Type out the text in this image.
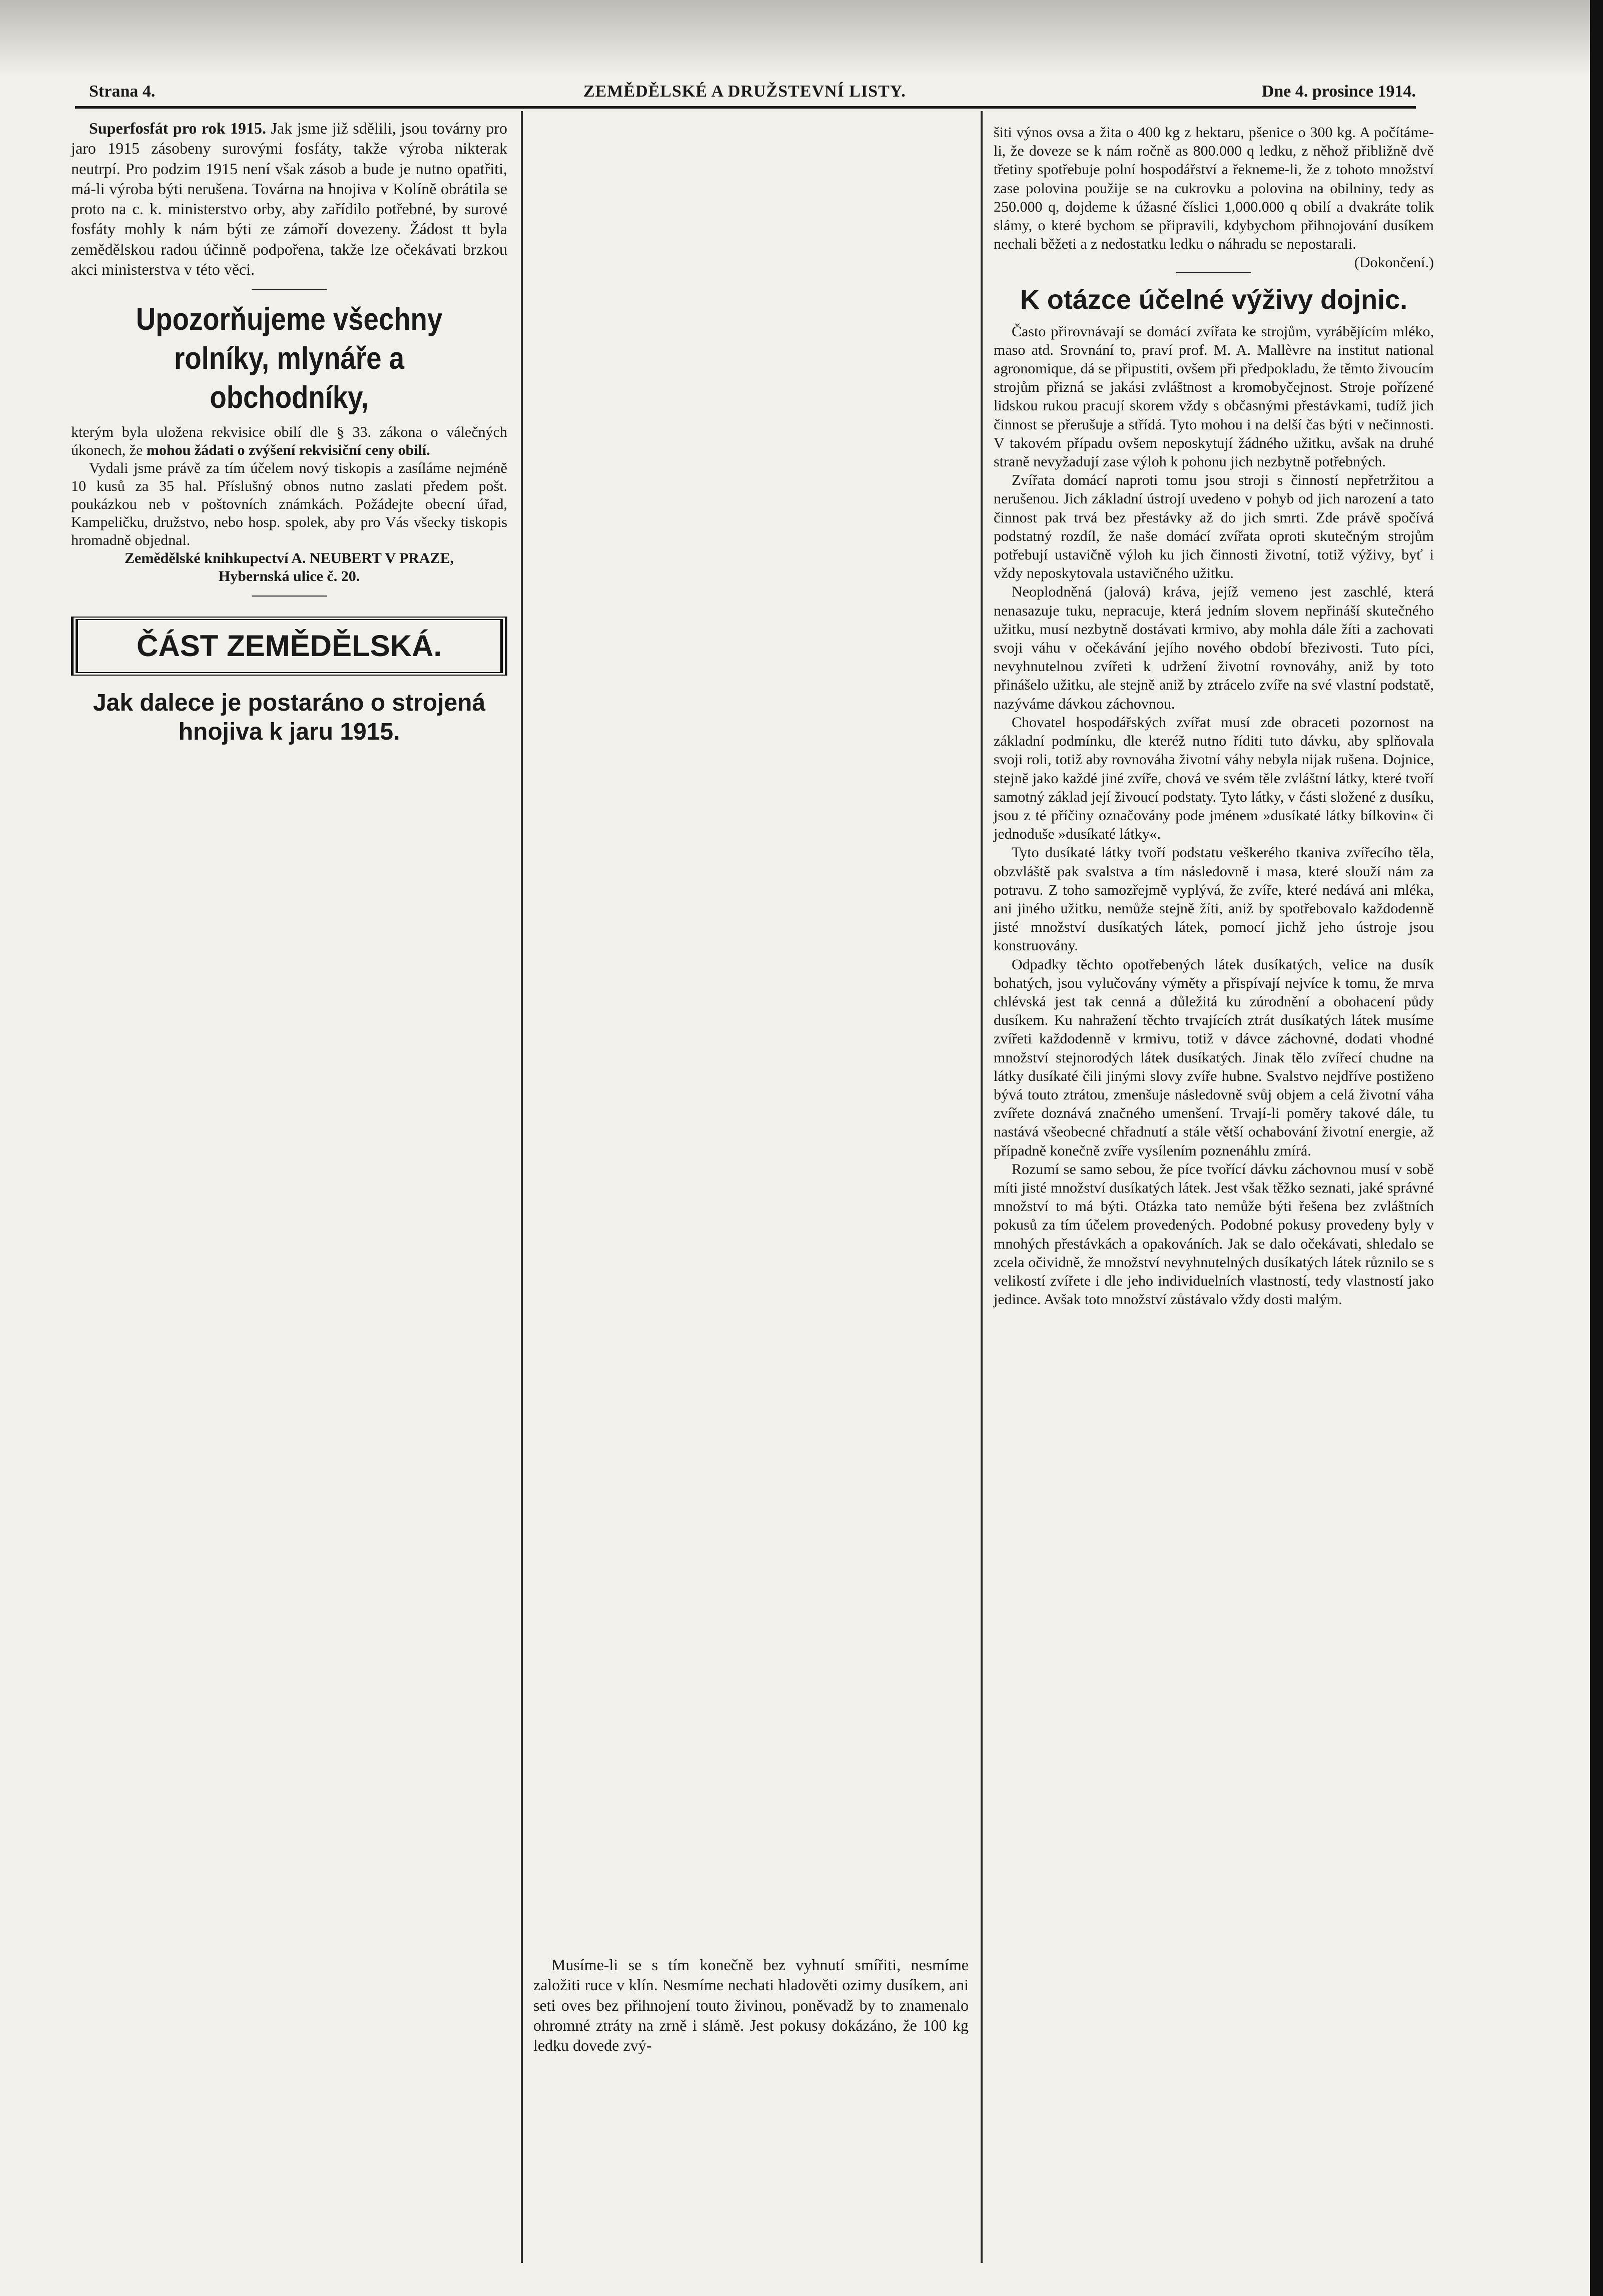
Strana 4.	ZEMĚDĚLSKÉ A DRUŽSTEVNÍ LISTY.	Dne 4. prosince 1914.

Superfosfát pro rok 1915. Jak jsme již sdělili, jsou továrny pro jaro 1915 zásobeny surovými fosfáty, takže výroba nikterak neutrpí. Pro podzim 1915 není však zásob a bude je nutno opatřiti, má-li výroba býti nerušena. Továrna na hnojiva v Kolíně obrátila se proto na c. k. ministerstvo orby, aby zařídilo potřebné, by surové fosfáty mohly k nám býti ze zámoří dovezeny. Žádost tt byla zemědělskou radou účinně podpořena, takže lze očekávati brzkou akci ministerstva v této věci.

Upozorňujeme všechny rolníky, mlynáře a obchodníky,

kterým byla uložena rekvisice obilí dle § 33. zákona o válečných úkonech, že mohou žádati o zvýšení rekvisiční ceny obilí.

Vydali jsme právě za tím účelem nový tiskopis a zasíláme nejméně 10 kusů za 35 hal. Příslušný obnos nutno zaslati předem pošt. poukázkou neb v poštovních známkách. Požádejte obecní úřad, Kampeličku, družstvo, nebo hosp. spolek, aby pro Vás všecky tiskopis hromadně objednal.

Zemědělské knihkupectví A. NEUBERT V PRAZE,

Hybernská ulice č. 20.

ČÁST ZEMĚDĚLSKÁ.
Jak dalece je postaráno o strojená hnojiva k jaru 1915.

Musíme-li se s tím konečně bez vyhnutí smířiti, nesmíme založiti ruce v klín. Nesmíme nechati hladověti ozimy dusíkem, ani seti oves bez přihnojení touto živinou, poněvadž by to znamenalo ohromné ztráty na zrně i slámě. Jest pokusy dokázáno, že 100 kg ledku dovede zvý-

šiti výnos ovsa a žita o 400 kg z hektaru, pšenice o 300 kg. A počítáme-li, že doveze se k nám ročně as 800.000 q ledku, z něhož přibližně dvě třetiny spotřebuje polní hospodářství a řekneme-li, že z tohoto množství zase polovina použije se na cukrovku a polovina na obilniny, tedy as 250.000 q, dojdeme k úžasné číslici 1,000.000 q obilí a dvakráte tolik slámy, o které bychom se připravili, kdybychom přihnojování dusíkem nechali běžeti a z nedostatku ledku o náhradu se nepostarali.
(Dokončení.)

K otázce účelné výživy dojnic.

Často přirovnávají se domácí zvířata ke strojům, vyrábějícím mléko, maso atd. Srovnání to, praví prof. M. A. Mallèvre na institut national agronomique, dá se připustiti, ovšem při předpokladu, že těmto živoucím strojům přizná se jakási zvláštnost a kromobyčejnost. Stroje pořízené lidskou rukou pracují skorem vždy s občasnými přestávkami, tudíž jich činnost se přerušuje a střídá. Tyto mohou i na delší čas býti v nečinnosti. V takovém případu ovšem neposkytují žádného užitku, avšak na druhé straně nevyžadují zase výloh k pohonu jich nezbytně potřebných.

Zvířata domácí naproti tomu jsou stroji s činností nepřetržitou a nerušenou. Jich základní ústrojí uvedeno v pohyb od jich narození a tato činnost pak trvá bez přestávky až do jich smrti. Zde právě spočívá podstatný rozdíl, že naše domácí zvířata oproti skutečným strojům potřebují ustavičně výloh ku jich činnosti životní, totiž výživy, byť i vždy neposkytovala ustavičného užitku.

Neoplodněná (jalová) kráva, jejíž vemeno jest zaschlé, která nenasazuje tuku, nepracuje, která jedním slovem nepřináší skutečného užitku, musí nezbytně dostávati krmivo, aby mohla dále žíti a zachovati svoji váhu v očekávání jejího nového období březivosti. Tuto píci, nevyhnutelnou zvířeti k udržení životní rovnováhy, aniž by toto přinášelo užitku, ale stejně aniž by ztrácelo zvíře na své vlastní podstatě, nazýváme dávkou záchovnou.

Chovatel hospodářských zvířat musí zde obraceti pozornost na základní podmínku, dle kteréž nutno říditi tuto dávku, aby splňovala svoji roli, totiž aby rovnováha životní váhy nebyla nijak rušena. Dojnice, stejně jako každé jiné zvíře, chová ve svém těle zvláštní látky, které tvoří samotný základ její živoucí podstaty. Tyto látky, v části složené z dusíku, jsou z té příčiny označovány pode jménem »dusíkaté látky bílkovin« či jednoduše »dusíkaté látky«.

Tyto dusíkaté látky tvoří podstatu veškerého tkaniva zvířecího těla, obzvláště pak svalstva a tím následovně i masa, které slouží nám za potravu. Z toho samozřejmě vyplývá, že zvíře, které nedává ani mléka, ani jiného užitku, nemůže stejně žíti, aniž by spotřebovalo každodenně jisté množství dusíkatých látek, pomocí jichž jeho ústroje jsou konstruovány.

Odpadky těchto opotřebených látek dusíkatých, velice na dusík bohatých, jsou vylučovány výměty a přispívají nejvíce k tomu, že mrva chlévská jest tak cenná a důležitá ku zúrodnění a obohacení půdy dusíkem. Ku nahražení těchto trvajících ztrát dusíkatých látek musíme zvířeti každodenně v krmivu, totiž v dávce záchovné, dodati vhodné množství stejnorodých látek dusíkatých. Jinak tělo zvířecí chudne na látky dusíkaté čili jinými slovy zvíře hubne. Svalstvo nejdříve postiženo bývá touto ztrátou, zmenšuje následovně svůj objem a celá životní váha zvířete doznává značného umenšení. Trvají-li poměry takové dále, tu nastává všeobecné chřadnutí a stále větší ochabování životní energie, až případně konečně zvíře vysílením poznenáhlu zmírá.

Rozumí se samo sebou, že píce tvořící dávku záchovnou musí v sobě míti jisté množství dusíkatých látek. Jest však těžko seznati, jaké správné množství to má býti. Otázka tato nemůže býti řešena bez zvláštních pokusů za tím účelem provedených. Podobné pokusy provedeny byly v mnohých přestávkách a opakováních. Jak se dalo očekávati, shledalo se zcela očividně, že množství nevyhnutelných dusíkatých látek různilo se s velikostí zvířete i dle jeho individuelních vlastností, tedy vlastností jako jedince. Avšak toto množství zůstávalo vždy dosti malým.
